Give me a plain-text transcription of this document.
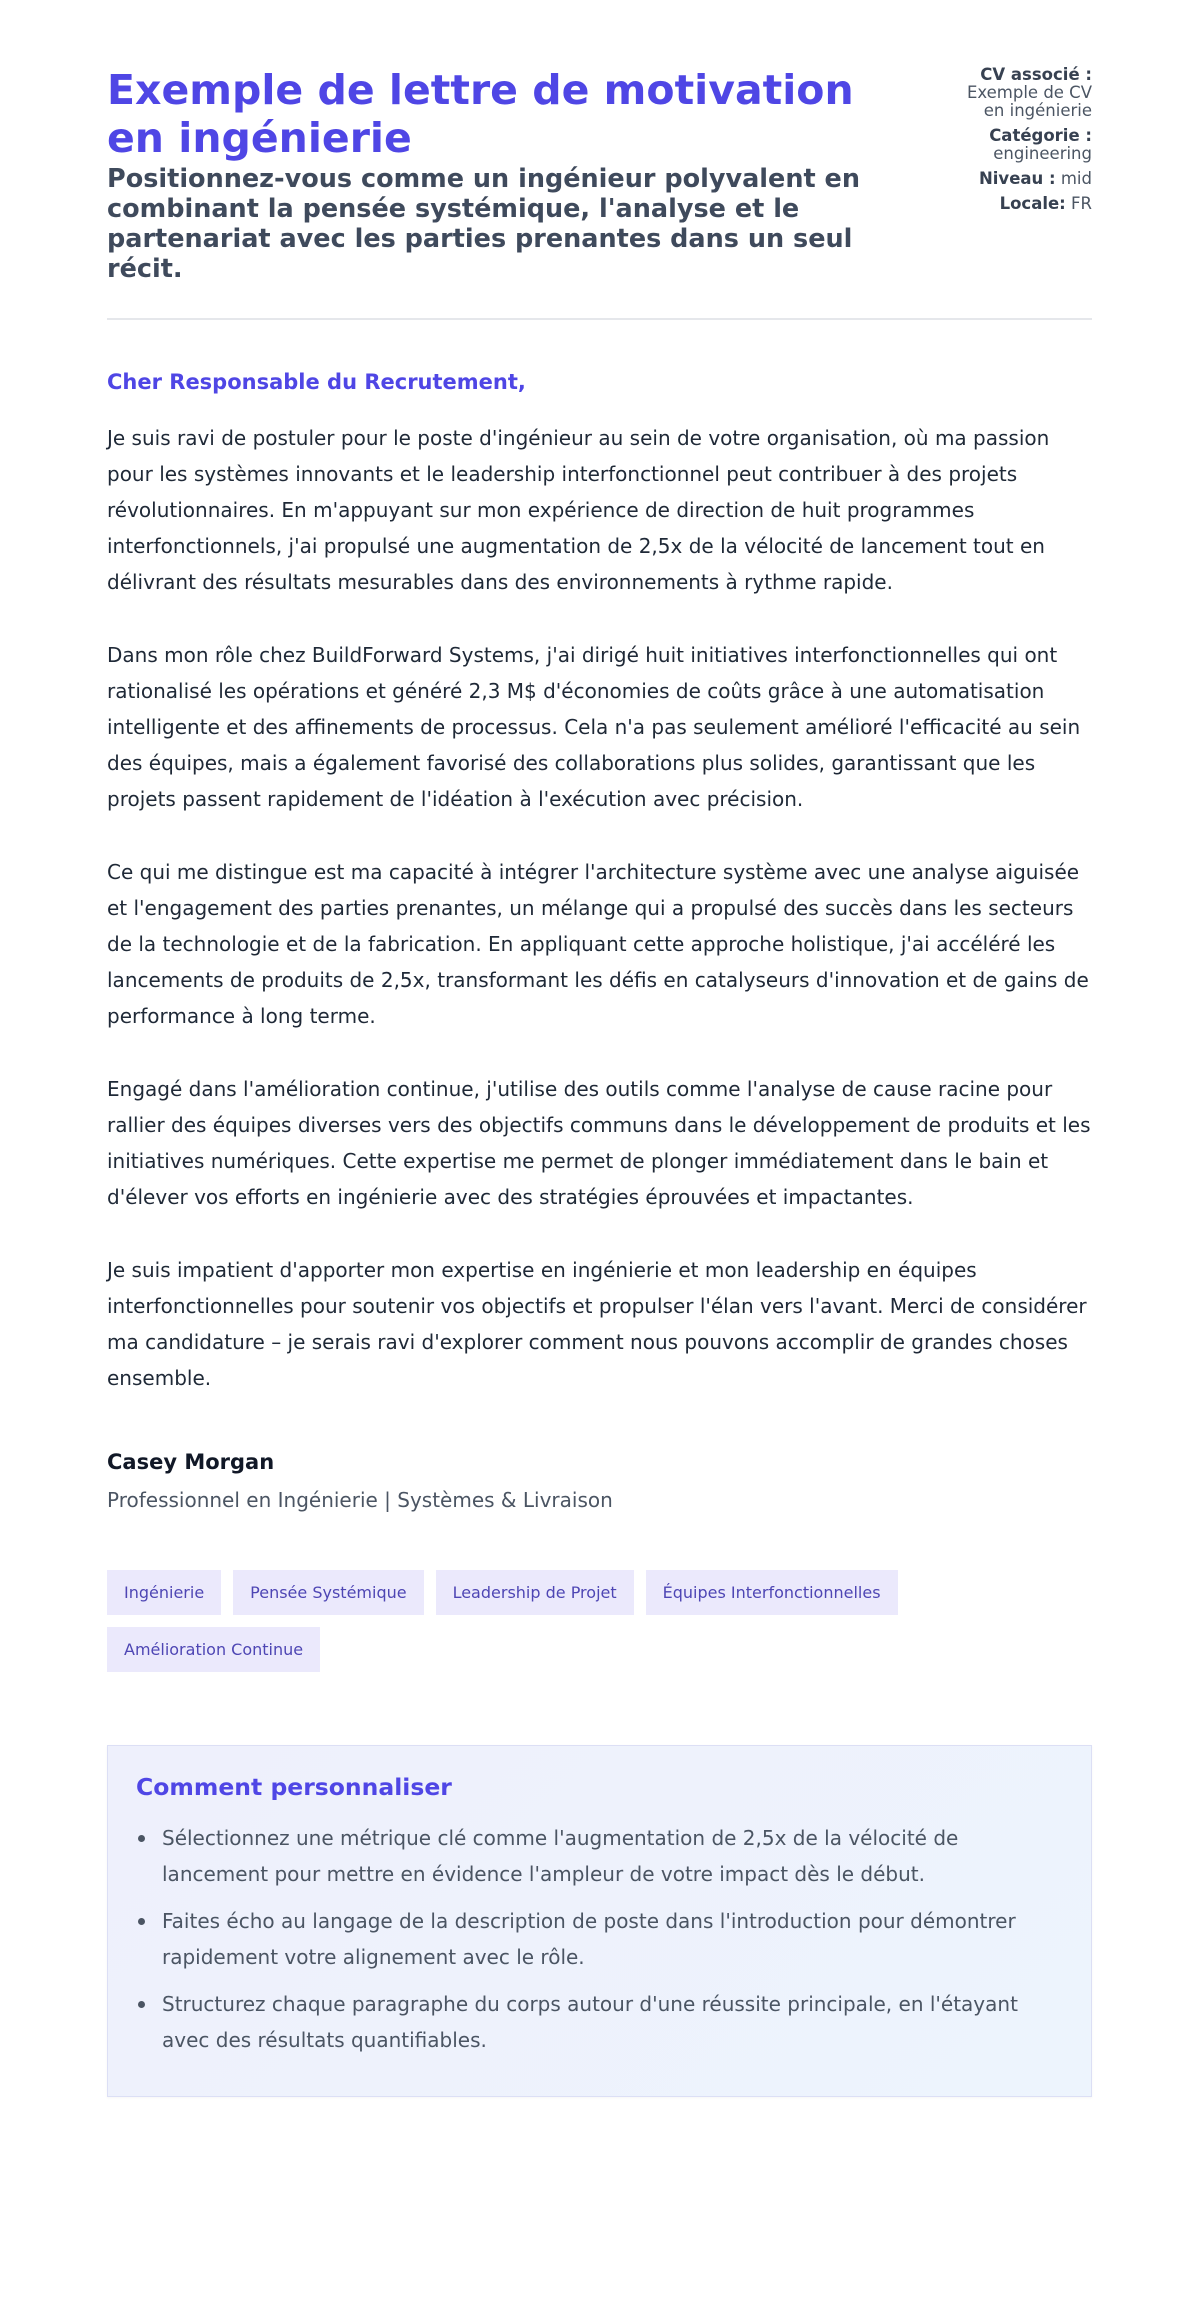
Exemple de lettre de motivation en ingénierie
Positionnez-vous comme un ingénieur polyvalent en combinant la pensée systémique, l'analyse et le partenariat avec les parties prenantes dans un seul récit.
CV associé :
Exemple de CV en ingénierie
Catégorie :
engineering
Niveau : mid
Locale: FR

Cher Responsable du Recrutement,

Je suis ravi de postuler pour le poste d'ingénieur au sein de votre organisation, où ma passion pour les systèmes innovants et le leadership interfonctionnel peut contribuer à des projets révolutionnaires. En m'appuyant sur mon expérience de direction de huit programmes interfonctionnels, j'ai propulsé une augmentation de 2,5x de la vélocité de lancement tout en délivrant des résultats mesurables dans des environnements à rythme rapide.

Dans mon rôle chez BuildForward Systems, j'ai dirigé huit initiatives interfonctionnelles qui ont rationalisé les opérations et généré 2,3 M$ d'économies de coûts grâce à une automatisation intelligente et des affinements de processus. Cela n'a pas seulement amélioré l'efficacité au sein des équipes, mais a également favorisé des collaborations plus solides, garantissant que les projets passent rapidement de l'idéation à l'exécution avec précision.

Ce qui me distingue est ma capacité à intégrer l'architecture système avec une analyse aiguisée et l'engagement des parties prenantes, un mélange qui a propulsé des succès dans les secteurs de la technologie et de la fabrication. En appliquant cette approche holistique, j'ai accéléré les lancements de produits de 2,5x, transformant les défis en catalyseurs d'innovation et de gains de performance à long terme.

Engagé dans l'amélioration continue, j'utilise des outils comme l'analyse de cause racine pour rallier des équipes diverses vers des objectifs communs dans le développement de produits et les initiatives numériques. Cette expertise me permet de plonger immédiatement dans le bain et d'élever vos efforts en ingénierie avec des stratégies éprouvées et impactantes.

Je suis impatient d'apporter mon expertise en ingénierie et mon leadership en équipes interfonctionnelles pour soutenir vos objectifs et propulser l'élan vers l'avant. Merci de considérer ma candidature – je serais ravi d'explorer comment nous pouvons accomplir de grandes choses ensemble.

Casey Morgan
Professionnel en Ingénierie | Systèmes & Livraison
Ingénierie	Pensée Systémique	Leadership de Projet	Équipes Interfonctionnelles
Amélioration Continue
Comment personnaliser
Sélectionnez une métrique clé comme l'augmentation de 2,5x de la vélocité de lancement pour mettre en évidence l'ampleur de votre impact dès le début.
Faites écho au langage de la description de poste dans l'introduction pour démontrer rapidement votre alignement avec le rôle.
Structurez chaque paragraphe du corps autour d'une réussite principale, en l'étayant avec des résultats quantifiables.
